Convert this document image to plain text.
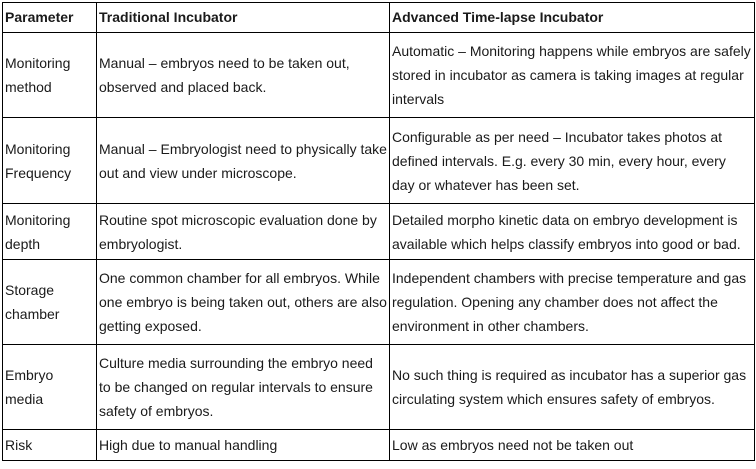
Parameter	Traditional Incubator	Advanced Time-lapse Incubator
Monitoring method	Manual – embryos need to be taken out, observed and placed back.	Automatic – Monitoring happens while embryos are safely stored in incubator as camera is taking images at regular intervals
Monitoring Frequency	Manual – Embryologist need to physically take out and view under microscope.	Configurable as per need – Incubator takes photos at defined intervals. E.g. every 30 min, every hour, every day or whatever has been set.
Monitoring depth	Routine spot microscopic evaluation done by embryologist.	Detailed morpho kinetic data on embryo development is available which helps classify embryos into good or bad.
Storage chamber	One common chamber for all embryos. While one embryo is being taken out, others are also getting exposed.	Independent chambers with precise temperature and gas regulation. Opening any chamber does not affect the environment in other chambers.
Embryo media	Culture media surrounding the embryo need to be changed on regular intervals to ensure safety of embryos.	No such thing is required as incubator has a superior gas circulating system which ensures safety of embryos.
Risk	High due to manual handling	Low as embryos need not be taken out
